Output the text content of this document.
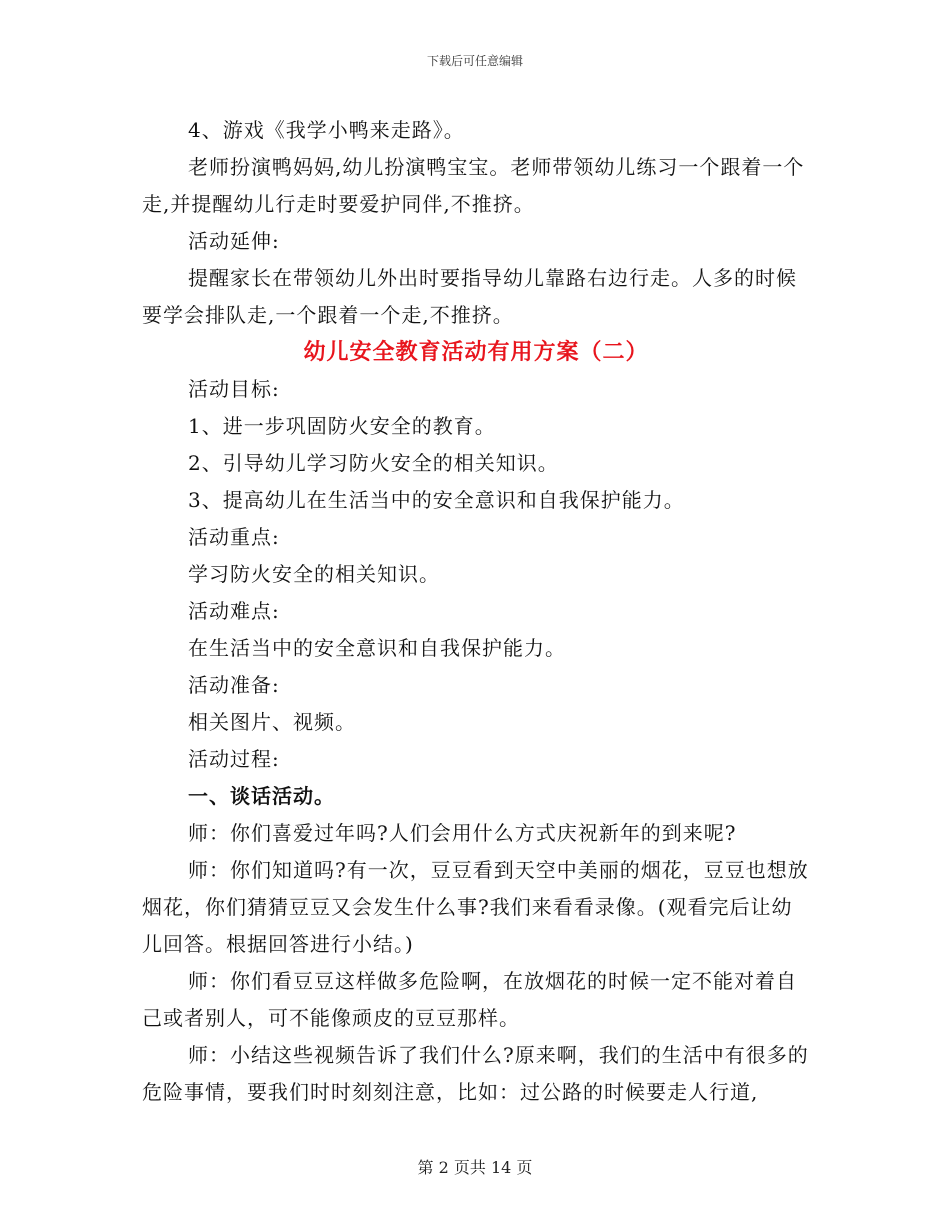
下载后可任意编辑

4、游戏《我学小鸭来走路》。

老师扮演鸭妈妈,幼儿扮演鸭宝宝。老师带领幼儿练习一个跟着一个走,并提醒幼儿行走时要爱护同伴,不推挤。

活动延伸:

提醒家长在带领幼儿外出时要指导幼儿靠路右边行走。人多的时候要学会排队走,一个跟着一个走,不推挤。

幼儿安全教育活动有用方案（二）

活动目标:

1、进一步巩固防火安全的教育。

2、引导幼儿学习防火安全的相关知识。

3、提高幼儿在生活当中的安全意识和自我保护能力。

活动重点:

学习防火安全的相关知识。

活动难点:

在生活当中的安全意识和自我保护能力。

活动准备:

相关图片、视频。

活动过程:

一、谈话活动。

师：你们喜爱过年吗?人们会用什么方式庆祝新年的到来呢?

师：你们知道吗?有一次，豆豆看到天空中美丽的烟花，豆豆也想放烟花，你们猜猜豆豆又会发生什么事?我们来看看录像。(观看完后让幼儿回答。根据回答进行小结。)

师：你们看豆豆这样做多危险啊，在放烟花的时候一定不能对着自己或者别人，可不能像顽皮的豆豆那样。

师：小结这些视频告诉了我们什么?原来啊，我们的生活中有很多的危险事情，要我们时时刻刻注意，比如：过公路的时候要走人行道,

第 2 页共 14 页
